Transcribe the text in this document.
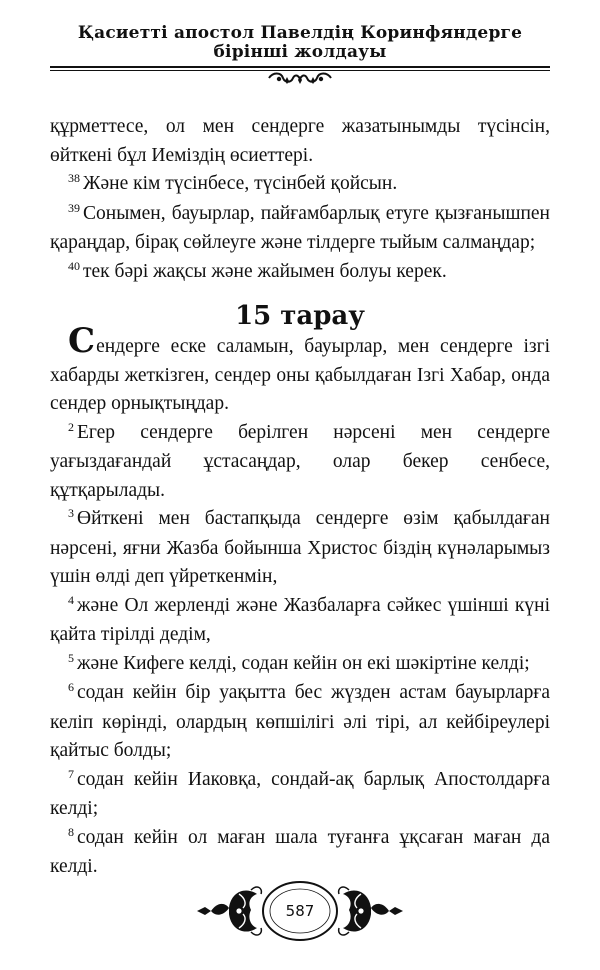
Қасиетті апостол Павелдің Коринфяндерге
бірінші жолдауы

құрметтесе, ол мен сендерге жазатынымды түсінсін, өйткені бұл Иеміздің өсиеттері.

$^{38}$ Және кім түсінбесе, түсінбей қойсын.

$^{39}$ Сонымен, бауырлар, пайғамбарлық етуге қызғанышпен қараңдар, бірақ сөйлеуге және тілдерге тыйым салмаңдар;

$^{40}$ тек бәрі жақсы және жайымен болуы керек.

15 тарау

Сендерге еске саламын, бауырлар, мен сендерге ізгі хабарды жеткізген, сендер оны қабылдаған Ізгі Хабар, онда сендер орнықтыңдар.

$^2$ Егер сендерге берілген нәрсені мен сендерге уағыздағандай ұстасаңдар, олар бекер сенбесе, құтқарылады.

$^3$ Өйткені мен бастапқыда сендерге өзім қабылдаған нәрсені, яғни Жазба бойынша Христос біздің күнәларымыз үшін өлді деп үйреткенмін,

$^4$ және Ол жерленді және Жазбаларға сәйкес үшінші күні қайта тірілді дедім,

$^5$ және Кифеге келді, содан кейін он екі шәкіртіне келді;

$^6$ содан кейін бір уақытта бес жүзден астам бауырларға келіп көрінді, олардың көпшілігі әлі тірі, ал кейбіреулері қайтыс болды;

$^7$ содан кейін Иаковқа, сондай-ақ барлық Апостолдарға келді;

$^8$ содан кейін ол маған шала туғанға ұқсаған маған да келді.

587
